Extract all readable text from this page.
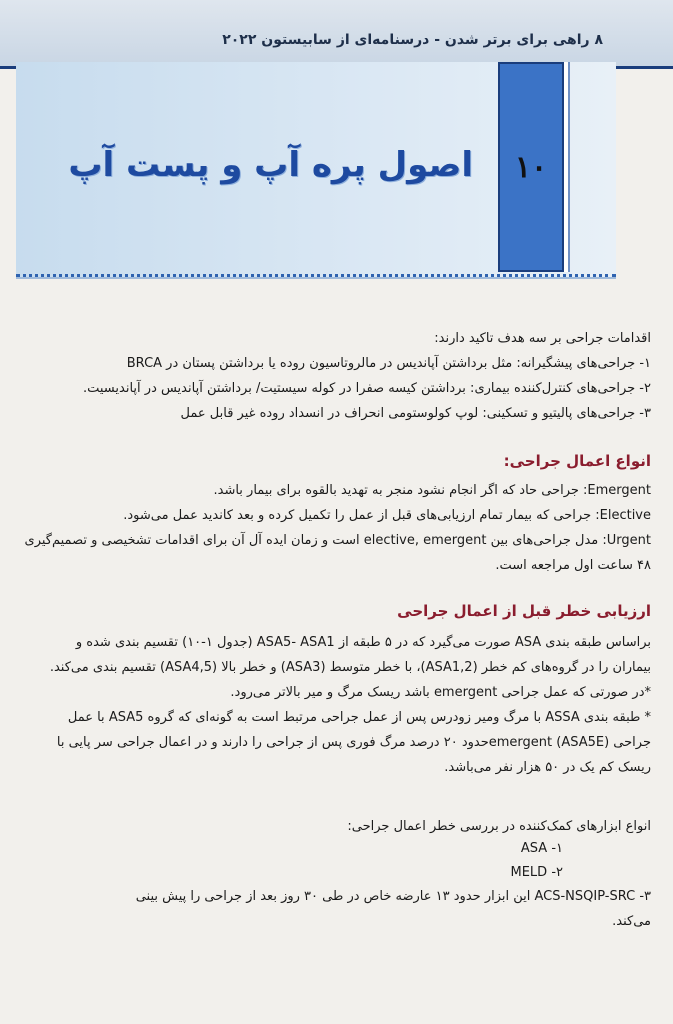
۸ راهی برای برتر شدن - درسنامه‌ای از سابیستون ۲۰۲۲
۱۰
اصول پره آپ و پست آپ
اقدامات جراحی بر سه هدف تاکید دارند:
۱- جراحی‌های پیشگیرانه: مثل برداشتن آپاندیس در مالروتاسیون روده یا برداشتن پستان در BRCA
۲- جراحی‌های کنترل‌کننده بیماری: برداشتن کیسه صفرا در کوله سیستیت/ برداشتن آپاندیس در آپاندیسیت.
۳- جراحی‌های پالیتیو و تسکینی: لوپ کولوستومی انحراف در انسداد روده غیر قابل عمل
انواع اعمال جراحی:
Emergent: جراحی حاد که اگر انجام نشود منجر به تهدید بالقوه برای بیمار باشد.
Elective: جراحی که بیمار تمام ارزیابی‌های قبل از عمل را تکمیل کرده و بعد کاندید عمل می‌شود.
Urgent: مدل جراحی‌های بین elective, emergent است و زمان ایده آل آن برای اقدامات تشخیصی و تصمیم‌گیری
۴۸ ساعت اول مراجعه است.
ارزیابی خطر قبل از اعمال جراحی
براساس طبقه بندی ASA صورت می‌گیرد که در ۵ طبقه از ASA5- ASA1 (جدول ۱-۱۰) تقسیم بندی شده و
بیماران را در گروه‌های کم خطر (ASA1,2)، با خطر متوسط (ASA3) و خطر بالا (ASA4,5) تقسیم بندی می‌کند.
*در صورتی که عمل جراحی emergent باشد ریسک مرگ و میر بالاتر می‌رود.
* طبقه بندی ASSA با مرگ ومیر زودرس پس از عمل جراحی مرتبط است به گونه‌ای که گروه ASA5 با عمل
جراحی emergent (ASA5E)حدود ۲۰ درصد مرگ فوری پس از جراحی را دارند و در اعمال جراحی سر پایی با
ریسک کم یک در ۵۰ هزار نفر می‌باشد.
انواع ابزارهای کمک‌کننده در بررسی خطر اعمال جراحی:
ASA -۱
MELD -۲
ACS-NSQIP-SRC -۳ این ابزار حدود ۱۳ عارضه خاص در طی ۳۰ روز بعد از جراحی را پیش بینی
می‌کند.
